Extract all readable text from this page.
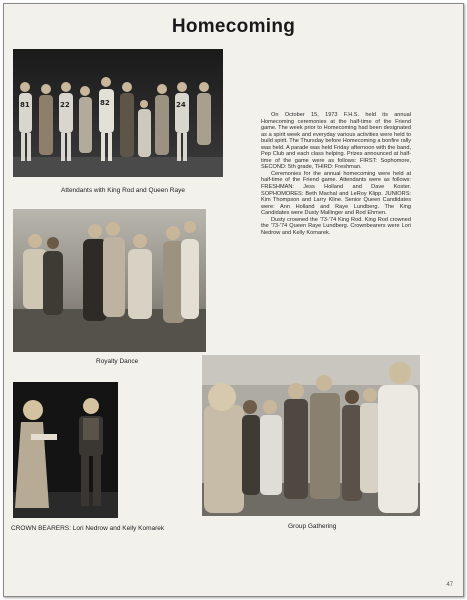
Homecoming
81	22	82	24
Attendants with King Rod and Queen Raye

On October 15, 1973 F.H.S. held its annual Homecoming ceremonies at the half-time of the Friend game. The week prior to Homecoming had been designated as a spirit week and everyday various activities were held to build spirit. The Thursday before Homecoming a bonfire rally was held. A parade was held Friday afternoon with the band, Pep Club and each class helping. Prizes announced at half-time of the game were as follows: FIRST: Sophomore, SECOND: 5th grade, THIRD: Freshman.

Ceremonies for the annual homecoming were held at half-time of the Friend game. Attendants were as follows: FRESHMAN: Jess Holland and Dave Koster. SOPHOMORES: Beth Machal and LeRoy Klipp. JUNIORS: Kim Thompson and Larry Kline. Senior Queen Candidates were: Ann Holland and Raye Lundberg. The King Candidates were Dusty Mallinger and Rod Ehmen.

Dusty crowned the '73-'74 King Rod. King Rod crowned the '73-'74 Queen Raye Lundberg. Crownbearers were Lori Nedrow and Kelly Komarek.

Royalty Dance
CROWN BEARERS: Lori Nedrow and Kelly Komarek	Group Gathering
47
